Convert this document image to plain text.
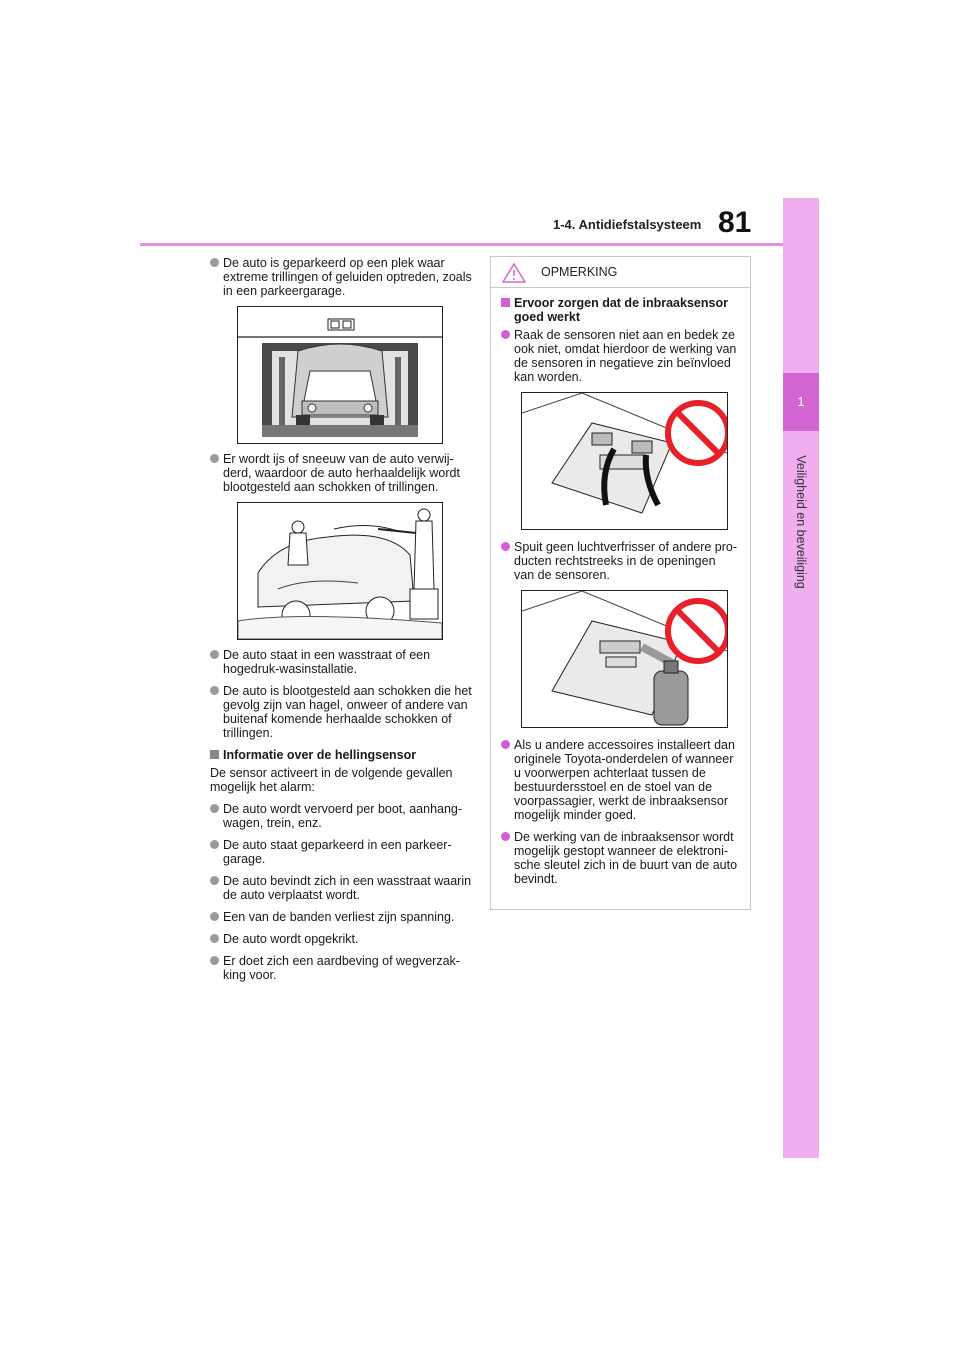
1
Veiligheid en beveiliging
1-4. Antidiefstalsysteem 81
De auto is geparkeerd op een plek waar extreme trillingen of geluiden optreden, zoals in een parkeergarage.
Er wordt ijs of sneeuw van de auto verwij-derd, waardoor de auto herhaaldelijk wordt blootgesteld aan schokken of trillingen.
De auto staat in een wasstraat of een hogedruk-wasinstallatie.
De auto is blootgesteld aan schokken die het gevolg zijn van hagel, onweer of andere van buitenaf komende herhaalde schokken of trillingen.
Informatie over de hellingsensor
De sensor activeert in de volgende gevallen mogelijk het alarm:
De auto wordt vervoerd per boot, aanhang-wagen, trein, enz.
De auto staat geparkeerd in een parkeer-garage.
De auto bevindt zich in een wasstraat waarin de auto verplaatst wordt.
Een van de banden verliest zijn spanning.
De auto wordt opgekrikt.
Er doet zich een aardbeving of wegverzak-king voor.
OPMERKING
Ervoor zorgen dat de inbraaksensor goed werkt
Raak de sensoren niet aan en bedek ze ook niet, omdat hierdoor de werking van de sensoren in negatieve zin beïnvloed kan worden.
Spuit geen luchtverfrisser of andere pro-ducten rechtstreeks in de openingen van de sensoren.
Als u andere accessoires installeert dan originele Toyota-onderdelen of wanneer u voorwerpen achterlaat tussen de bestuurdersstoel en de stoel van de voorpassagier, werkt de inbraaksensor mogelijk minder goed.
De werking van de inbraaksensor wordt mogelijk gestopt wanneer de elektroni-sche sleutel zich in de buurt van de auto bevindt.
